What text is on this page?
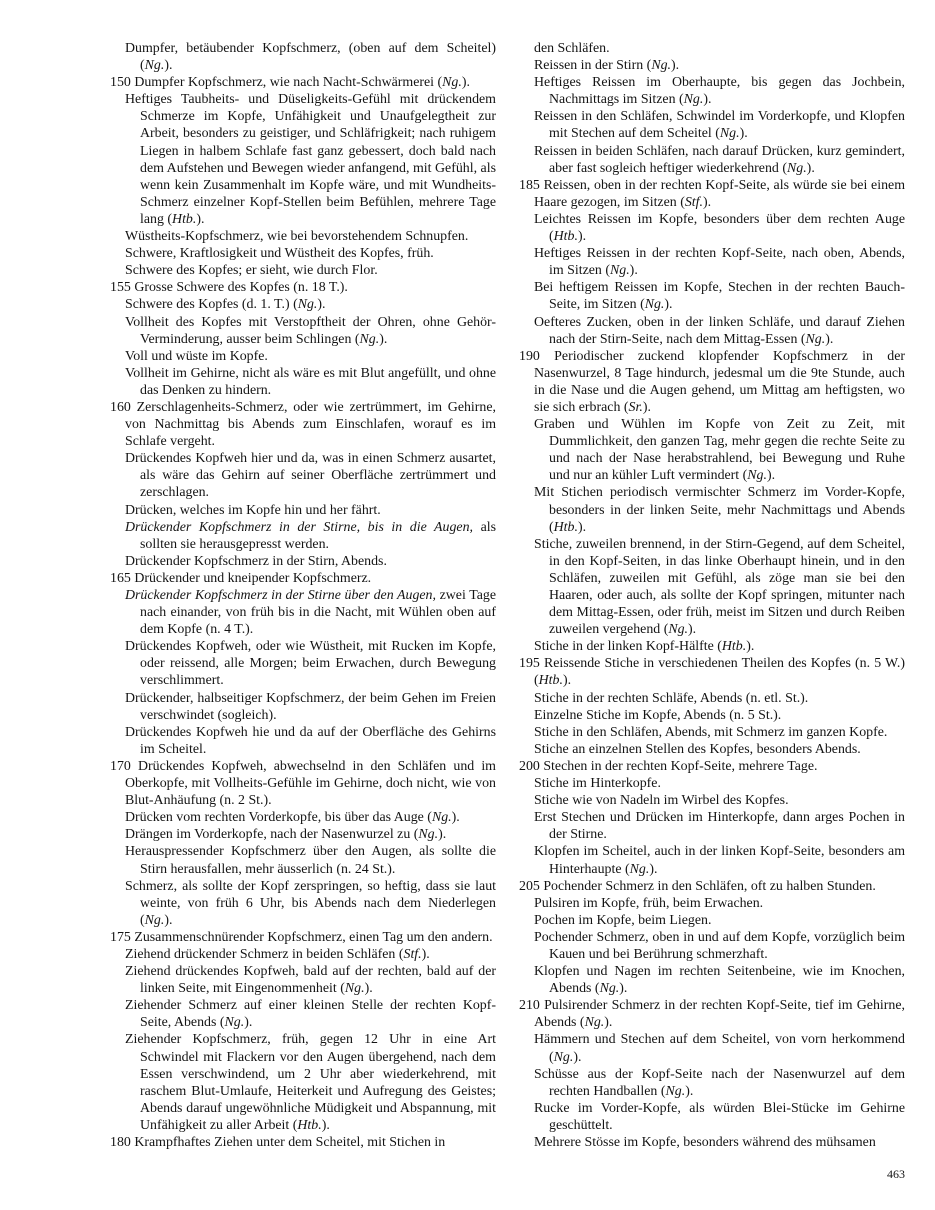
Dumpfer, betäubender Kopfschmerz, (oben auf dem Scheitel) (Ng.).

150 Dumpfer Kopfschmerz, wie nach Nacht-Schwärmerei (Ng.).

Heftiges Taubheits- und Düseligkeits-Gefühl mit drückendem Schmerze im Kopfe, Unfähigkeit und Unaufgelegtheit zur Arbeit, besonders zu geistiger, und Schläfrigkeit; nach ruhigem Liegen in halbem Schlafe fast ganz gebessert, doch bald nach dem Aufstehen und Bewegen wieder anfangend, mit Gefühl, als wenn kein Zusammenhalt im Kopfe wäre, und mit Wundheits-Schmerz einzelner Kopf-Stellen beim Befühlen, mehrere Tage lang (Htb.).

Wüstheits-Kopfschmerz, wie bei bevorstehendem Schnupfen.

Schwere, Kraftlosigkeit und Wüstheit des Kopfes, früh.

Schwere des Kopfes; er sieht, wie durch Flor.

155 Grosse Schwere des Kopfes (n. 18 T.).

Schwere des Kopfes (d. 1. T.) (Ng.).

Vollheit des Kopfes mit Verstopftheit der Ohren, ohne Gehör-Verminderung, ausser beim Schlingen (Ng.).

Voll und wüste im Kopfe.

Vollheit im Gehirne, nicht als wäre es mit Blut angefüllt, und ohne das Denken zu hindern.

160 Zerschlagenheits-Schmerz, oder wie zertrümmert, im Gehirne, von Nachmittag bis Abends zum Einschlafen, worauf es im Schlafe vergeht.

Drückendes Kopfweh hier und da, was in einen Schmerz ausartet, als wäre das Gehirn auf seiner Oberfläche zertrümmert und zerschlagen.

Drücken, welches im Kopfe hin und her fährt.

Drückender Kopfschmerz in der Stirne, bis in die Augen, als sollten sie herausgepresst werden.

Drückender Kopfschmerz in der Stirn, Abends.

165 Drückender und kneipender Kopfschmerz.

Drückender Kopfschmerz in der Stirne über den Augen, zwei Tage nach einander, von früh bis in die Nacht, mit Wühlen oben auf dem Kopfe (n. 4 T.).

Drückendes Kopfweh, oder wie Wüstheit, mit Rucken im Kopfe, oder reissend, alle Morgen; beim Erwachen, durch Bewegung verschlimmert.

Drückender, halbseitiger Kopfschmerz, der beim Gehen im Freien verschwindet (sogleich).

Drückendes Kopfweh hie und da auf der Oberfläche des Gehirns im Scheitel.

170 Drückendes Kopfweh, abwechselnd in den Schläfen und im Oberkopfe, mit Vollheits-Gefühle im Gehirne, doch nicht, wie von Blut-Anhäufung (n. 2 St.).

Drücken vom rechten Vorderkopfe, bis über das Auge (Ng.).

Drängen im Vorderkopfe, nach der Nasenwurzel zu (Ng.).

Herauspressender Kopfschmerz über den Augen, als sollte die Stirn herausfallen, mehr äusserlich (n. 24 St.).

Schmerz, als sollte der Kopf zerspringen, so heftig, dass sie laut weinte, von früh 6 Uhr, bis Abends nach dem Niederlegen (Ng.).

175 Zusammenschnürender Kopfschmerz, einen Tag um den andern.

Ziehend drückender Schmerz in beiden Schläfen (Stf.).

Ziehend drückendes Kopfweh, bald auf der rechten, bald auf der linken Seite, mit Eingenommenheit (Ng.).

Ziehender Schmerz auf einer kleinen Stelle der rechten Kopf-Seite, Abends (Ng.).

Ziehender Kopfschmerz, früh, gegen 12 Uhr in eine Art Schwindel mit Flackern vor den Augen übergehend, nach dem Essen verschwindend, um 2 Uhr aber wiederkehrend, mit raschem Blut-Umlaufe, Heiterkeit und Aufregung des Geistes; Abends darauf ungewöhnliche Müdigkeit und Abspannung, mit Unfähigkeit zu aller Arbeit (Htb.).

180 Krampfhaftes Ziehen unter dem Scheitel, mit Stichen in

den Schläfen.

Reissen in der Stirn (Ng.).

Heftiges Reissen im Oberhaupte, bis gegen das Jochbein, Nachmittags im Sitzen (Ng.).

Reissen in den Schläfen, Schwindel im Vorderkopfe, und Klopfen mit Stechen auf dem Scheitel (Ng.).

Reissen in beiden Schläfen, nach darauf Drücken, kurz gemindert, aber fast sogleich heftiger wiederkehrend (Ng.).

185 Reissen, oben in der rechten Kopf-Seite, als würde sie bei einem Haare gezogen, im Sitzen (Stf.).

Leichtes Reissen im Kopfe, besonders über dem rechten Auge (Htb.).

Heftiges Reissen in der rechten Kopf-Seite, nach oben, Abends, im Sitzen (Ng.).

Bei heftigem Reissen im Kopfe, Stechen in der rechten Bauch-Seite, im Sitzen (Ng.).

Oefteres Zucken, oben in der linken Schläfe, und darauf Ziehen nach der Stirn-Seite, nach dem Mittag-Essen (Ng.).

190 Periodischer zuckend klopfender Kopfschmerz in der Nasenwurzel, 8 Tage hindurch, jedesmal um die 9te Stunde, auch in die Nase und die Augen gehend, um Mittag am heftigsten, wo sie sich erbrach (Sr.).

Graben und Wühlen im Kopfe von Zeit zu Zeit, mit Dummlichkeit, den ganzen Tag, mehr gegen die rechte Seite zu und nach der Nase herabstrahlend, bei Bewegung und Ruhe und nur an kühler Luft vermindert (Ng.).

Mit Stichen periodisch vermischter Schmerz im Vorder-Kopfe, besonders in der linken Seite, mehr Nachmittags und Abends (Htb.).

Stiche, zuweilen brennend, in der Stirn-Gegend, auf dem Scheitel, in den Kopf-Seiten, in das linke Oberhaupt hinein, und in den Schläfen, zuweilen mit Gefühl, als zöge man sie bei den Haaren, oder auch, als sollte der Kopf springen, mitunter nach dem Mittag-Essen, oder früh, meist im Sitzen und durch Reiben zuweilen vergehend (Ng.).

Stiche in der linken Kopf-Hälfte (Htb.).

195 Reissende Stiche in verschiedenen Theilen des Kopfes (n. 5 W.) (Htb.).

Stiche in der rechten Schläfe, Abends (n. etl. St.).

Einzelne Stiche im Kopfe, Abends (n. 5 St.).

Stiche in den Schläfen, Abends, mit Schmerz im ganzen Kopfe.

Stiche an einzelnen Stellen des Kopfes, besonders Abends.

200 Stechen in der rechten Kopf-Seite, mehrere Tage.

Stiche im Hinterkopfe.

Stiche wie von Nadeln im Wirbel des Kopfes.

Erst Stechen und Drücken im Hinterkopfe, dann arges Pochen in der Stirne.

Klopfen im Scheitel, auch in der linken Kopf-Seite, besonders am Hinterhaupte (Ng.).

205 Pochender Schmerz in den Schläfen, oft zu halben Stunden.

Pulsiren im Kopfe, früh, beim Erwachen.

Pochen im Kopfe, beim Liegen.

Pochender Schmerz, oben in und auf dem Kopfe, vorzüglich beim Kauen und bei Berührung schmerzhaft.

Klopfen und Nagen im rechten Seitenbeine, wie im Knochen, Abends (Ng.).

210 Pulsirender Schmerz in der rechten Kopf-Seite, tief im Gehirne, Abends (Ng.).

Hämmern und Stechen auf dem Scheitel, von vorn herkommend (Ng.).

Schüsse aus der Kopf-Seite nach der Nasenwurzel auf dem rechten Handballen (Ng.).

Rucke im Vorder-Kopfe, als würden Blei-Stücke im Gehirne geschüttelt.

Mehrere Stösse im Kopfe, besonders während des mühsamen

463
